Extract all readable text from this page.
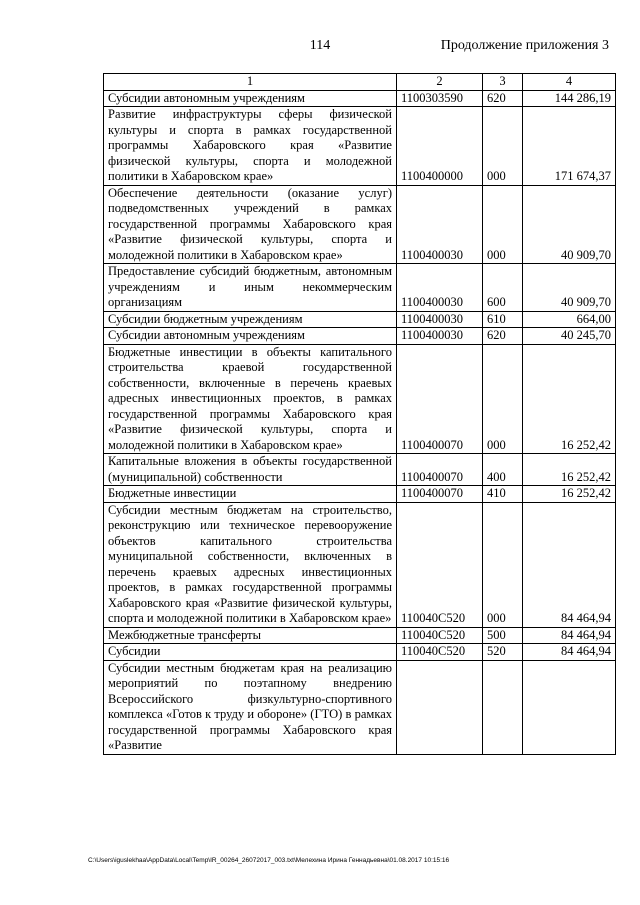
114	Продолжение приложения 3
1	2	3	4
Субсидии автономным учреждениям	1100303590	620	144 286,19
Развитие инфраструктуры сферы физической культуры и спорта в рамках государственной программы Хабаровского края «Развитие физической культуры, спорта и молодежной политики в Хабаровском крае»	1100400000	000	171 674,37
Обеспечение деятельности (оказание услуг) подведомственных учреждений в рамках государственной программы Хабаровского края «Развитие физической культуры, спорта и молодежной политики в Хабаровском крае»	1100400030	000	40 909,70
Предоставление субсидий бюджетным, автономным учреждениям и иным некоммерческим организациям	1100400030	600	40 909,70
Субсидии бюджетным учреждениям	1100400030	610	664,00
Субсидии автономным учреждениям	1100400030	620	40 245,70
Бюджетные инвестиции в объекты капитального строительства краевой государственной собственности, включенные в перечень краевых адресных инвестиционных проектов, в рамках государственной программы Хабаровского края «Развитие физической культуры, спорта и молодежной политики в Хабаровском крае»	1100400070	000	16 252,42
Капитальные вложения в объекты государственной (муниципальной) собственности	1100400070	400	16 252,42
Бюджетные инвестиции	1100400070	410	16 252,42
Субсидии местным бюджетам на строительство, реконструкцию или техническое перевооружение объектов капитального строительства муниципальной собственности, включенных в перечень краевых адресных инвестиционных проектов, в рамках государственной программы Хабаровского края «Развитие физической культуры, спорта и молодежной политики в Хабаровском крае»	110040С520	000	84 464,94
Межбюджетные трансферты	110040С520	500	84 464,94
Субсидии	110040С520	520	84 464,94
Субсидии местным бюджетам края на реализацию мероприятий по поэтапному внедрению Всероссийского физкультурно-спортивного комплекса «Готов к труду и обороне» (ГТО) в рамках государственной программы Хабаровского края «Развитие			
C:\Users\iguslekhaa\AppData\Local\Temp\IR_00264_26072017_003.txt\Мелехина Ирина Геннадьевна\01.08.2017 10:15:16
